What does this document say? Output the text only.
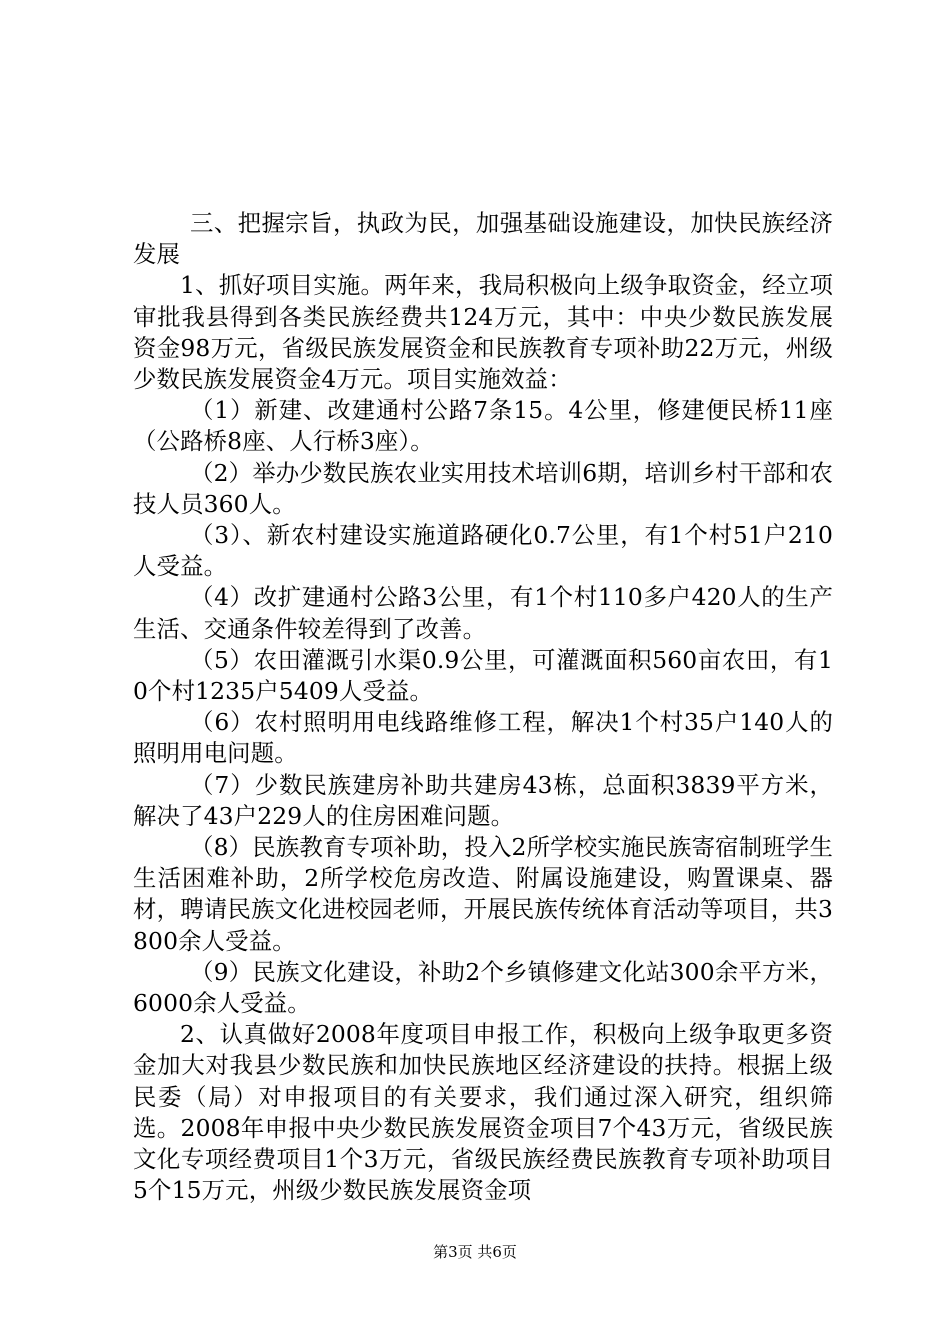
三、把握宗旨，执政为民，加强基础设施建设，加快民族经济发展

1、抓好项目实施。两年来，我局积极向上级争取资金，经立项审批我县得到各类民族经费共124万元，其中：中央少数民族发展资金98万元，省级民族发展资金和民族教育专项补助22万元，州级少数民族发展资金4万元。项目实施效益：

（1）新建、改建通村公路7条15。4公里，修建便民桥11座（公路桥8座、人行桥3座）。

（2）举办少数民族农业实用技术培训6期，培训乡村干部和农技人员360人。

（3）、新农村建设实施道路硬化0.7公里，有1个村51户210人受益。

（4）改扩建通村公路3公里，有1个村110多户420人的生产生活、交通条件较差得到了改善。

（5）农田灌溉引水渠0.9公里，可灌溉面积560亩农田，有10个村1235户5409人受益。

（6）农村照明用电线路维修工程，解决1个村35户140人的照明用电问题。

（7）少数民族建房补助共建房43栋，总面积3839平方米，解决了43户229人的住房困难问题。

（8）民族教育专项补助，投入2所学校实施民族寄宿制班学生生活困难补助，2所学校危房改造、附属设施建设，购置课桌、器材，聘请民族文化进校园老师，开展民族传统体育活动等项目，共3800余人受益。

（9）民族文化建设，补助2个乡镇修建文化站300余平方米，6000余人受益。

2、认真做好2008年度项目申报工作，积极向上级争取更多资金加大对我县少数民族和加快民族地区经济建设的扶持。根据上级民委（局）对申报项目的有关要求，我们通过深入研究，组织筛选。2008年申报中央少数民族发展资金项目7个43万元，省级民族文化专项经费项目1个3万元，省级民族经费民族教育专项补助项目5个15万元，州级少数民族发展资金项

第3页 共6页
